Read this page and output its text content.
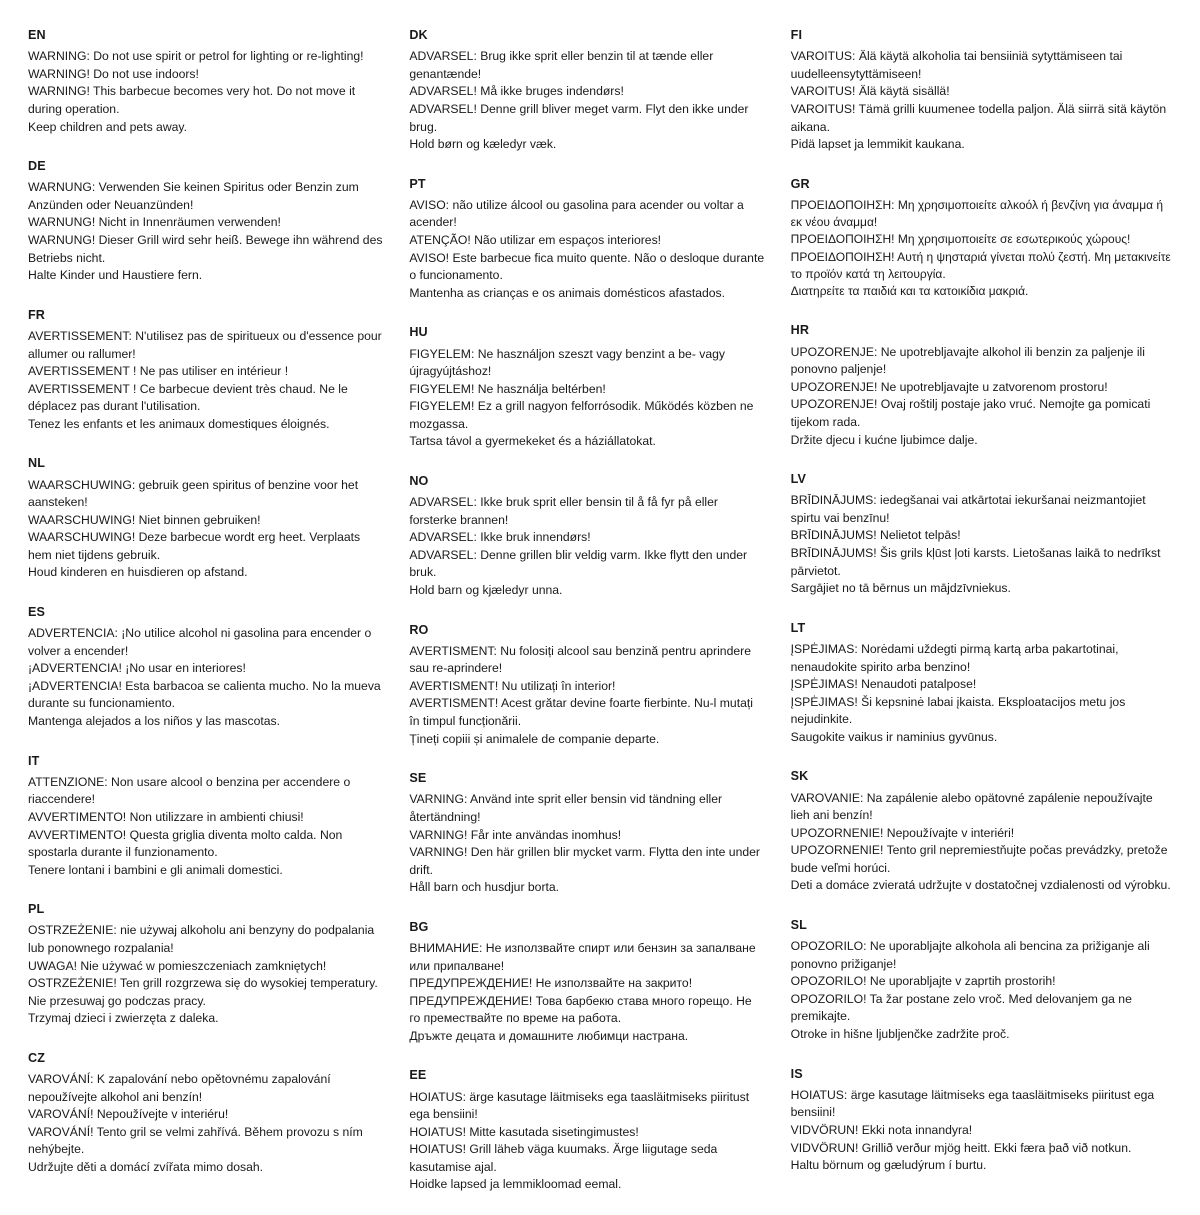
EN

WARNING: Do not use spirit or petrol for lighting or re-lighting!

WARNING! Do not use indoors!

WARNING! This barbecue becomes very hot. Do not move it during operation.

Keep children and pets away.

DE

WARNUNG: Verwenden Sie keinen Spiritus oder Benzin zum Anzünden oder Neuanzünden!

WARNUNG! Nicht in Innenräumen verwenden!

WARNUNG! Dieser Grill wird sehr heiß. Bewege ihn während des Betriebs nicht.

Halte Kinder und Haustiere fern.

FR

AVERTISSEMENT: N'utilisez pas de spiritueux ou d'essence pour allumer ou rallumer!

AVERTISSEMENT ! Ne pas utiliser en intérieur !

AVERTISSEMENT ! Ce barbecue devient très chaud. Ne le déplacez pas durant l'utilisation.

Tenez les enfants et les animaux domestiques éloignés.

NL

WAARSCHUWING: gebruik geen spiritus of benzine voor het aansteken!

WAARSCHUWING! Niet binnen gebruiken!

WAARSCHUWING! Deze barbecue wordt erg heet. Verplaats hem niet tijdens gebruik.

Houd kinderen en huisdieren op afstand.

ES

ADVERTENCIA: ¡No utilice alcohol ni gasolina para encender o volver a encender!

¡ADVERTENCIA! ¡No usar en interiores!

¡ADVERTENCIA! Esta barbacoa se calienta mucho. No la mueva durante su funcionamiento.

Mantenga alejados a los niños y las mascotas.

IT

ATTENZIONE: Non usare alcool o benzina per accendere o riaccendere!

AVVERTIMENTO! Non utilizzare in ambienti chiusi!

AVVERTIMENTO! Questa griglia diventa molto calda. Non spostarla durante il funzionamento.

Tenere lontani i bambini e gli animali domestici.

PL

OSTRZEŻENIE: nie używaj alkoholu ani benzyny do podpalania lub ponownego rozpalania!

UWAGA! Nie używać w pomieszczeniach zamkniętych!

OSTRZEŻENIE! Ten grill rozgrzewa się do wysokiej temperatury. Nie przesuwaj go podczas pracy.

Trzymaj dzieci i zwierzęta z daleka.

CZ

VAROVÁNÍ: K zapalování nebo opětovnému zapalování nepoužívejte alkohol ani benzín!

VAROVÁNÍ! Nepoužívejte v interiéru!

VAROVÁNÍ! Tento gril se velmi zahřívá. Během provozu s ním nehýbejte.

Udržujte děti a domácí zvířata mimo dosah.

DK

ADVARSEL: Brug ikke sprit eller benzin til at tænde eller genantænde!

ADVARSEL! Må ikke bruges indendørs!

ADVARSEL! Denne grill bliver meget varm. Flyt den ikke under brug.

Hold børn og kæledyr væk.

PT

AVISO: não utilize álcool ou gasolina para acender ou voltar a acender!

ATENÇÃO! Não utilizar em espaços interiores!

AVISO! Este barbecue fica muito quente. Não o desloque durante o funcionamento.

Mantenha as crianças e os animais domésticos afastados.

HU

FIGYELEM: Ne használjon szeszt vagy benzint a be- vagy újragyújtáshoz!

FIGYELEM! Ne használja beltérben!

FIGYELEM! Ez a grill nagyon felforrósodik. Működés közben ne mozgassa.

Tartsa távol a gyermekeket és a háziállatokat.

NO

ADVARSEL: Ikke bruk sprit eller bensin til å få fyr på eller forsterke brannen!

ADVARSEL: Ikke bruk innendørs!

ADVARSEL: Denne grillen blir veldig varm. Ikke flytt den under bruk.

Hold barn og kjæledyr unna.

RO

AVERTISMENT: Nu folosiți alcool sau benzină pentru aprindere sau re-aprindere!

AVERTISMENT! Nu utilizați în interior!

AVERTISMENT! Acest grătar devine foarte fierbinte. Nu-l mutați în timpul funcționării.

Țineți copiii și animalele de companie departe.

SE

VARNING: Använd inte sprit eller bensin vid tändning eller återtändning!

VARNING! Får inte användas inomhus!

VARNING! Den här grillen blir mycket varm. Flytta den inte under drift.

Håll barn och husdjur borta.

BG

ВНИМАНИЕ: Не използвайте спирт или бензин за запалване или припалване!

ПРЕДУПРЕЖДЕНИЕ! Не използвайте на закрито!

ПРЕДУПРЕЖДЕНИЕ! Това барбекю става много горещо. Не го премествайте по време на работа.

Дръжте децата и домашните любимци настрана.

EE

HOIATUS: ärge kasutage läitmiseks ega taasläitmiseks piiritust ega bensiini!

HOIATUS! Mitte kasutada sisetingimustes!

HOIATUS! Grill läheb väga kuumaks. Ärge liigutage seda kasutamise ajal.

Hoidke lapsed ja lemmikloomad eemal.

FI

VAROITUS: Älä käytä alkoholia tai bensiiniä sytyttämiseen tai uudelleensytyttämiseen!

VAROITUS! Älä käytä sisällä!

VAROITUS! Tämä grilli kuumenee todella paljon. Älä siirrä sitä käytön aikana.

Pidä lapset ja lemmikit kaukana.

GR

ΠΡΟΕΙΔΟΠΟΙΗΣΗ: Μη χρησιμοποιείτε αλκοόλ ή βενζίνη για άναμμα ή εκ νέου άναμμα!

ΠΡΟΕΙΔΟΠΟΙΗΣΗ! Μη χρησιμοποιείτε σε εσωτερικούς χώρους!

ΠΡΟΕΙΔΟΠΟΙΗΣΗ! Αυτή η ψησταριά γίνεται πολύ ζεστή. Μη μετακινείτε το προϊόν κατά τη λειτουργία.

Διατηρείτε τα παιδιά και τα κατοικίδια μακριά.

HR

UPOZORENJE: Ne upotrebljavajte alkohol ili benzin za paljenje ili ponovno paljenje!

UPOZORENJE! Ne upotrebljavajte u zatvorenom prostoru!

UPOZORENJE! Ovaj roštilj postaje jako vruć. Nemojte ga pomicati tijekom rada.

Držite djecu i kućne ljubimce dalje.

LV

BRĪDINĀJUMS: iedegšanai vai atkārtotai iekuršanai neizmantojiet spirtu vai benzīnu!

BRĪDINĀJUMS! Nelietot telpās!

BRĪDINĀJUMS! Šis grils kļūst ļoti karsts. Lietošanas laikā to nedrīkst pārvietot.

Sargājiet no tā bērnus un mājdzīvniekus.

LT

ĮSPĖJIMAS: Norėdami uždegti pirmą kartą arba pakartotinai, nenaudokite spirito arba benzino!

ĮSPĖJIMAS! Nenaudoti patalpose!

ĮSPĖJIMAS! Ši kepsninė labai įkaista. Eksploatacijos metu jos nejudinkite.

Saugokite vaikus ir naminius gyvūnus.

SK

VAROVANIE: Na zapálenie alebo opätovné zapálenie nepoužívajte lieh ani benzín!

UPOZORNENIE! Nepoužívajte v interiéri!

UPOZORNENIE! Tento gril nepremiestňujte počas prevádzky, pretože bude veľmi horúci.

Deti a domáce zvieratá udržujte v dostatočnej vzdialenosti od výrobku.

SL

OPOZORILO: Ne uporabljajte alkohola ali bencina za prižiganje ali ponovno prižiganje!

OPOZORILO! Ne uporabljajte v zaprtih prostorih!

OPOZORILO! Ta žar postane zelo vroč. Med delovanjem ga ne premikajte.

Otroke in hišne ljubljenčke zadržite proč.

IS

HOIATUS: ärge kasutage läitmiseks ega taasläitmiseks piiritust ega bensiini!

VIDVÖRUN! Ekki nota innandyra!

VIDVÖRUN! Grillið verður mjög heitt. Ekki færa það við notkun.

Haltu börnum og gæludýrum í burtu.
